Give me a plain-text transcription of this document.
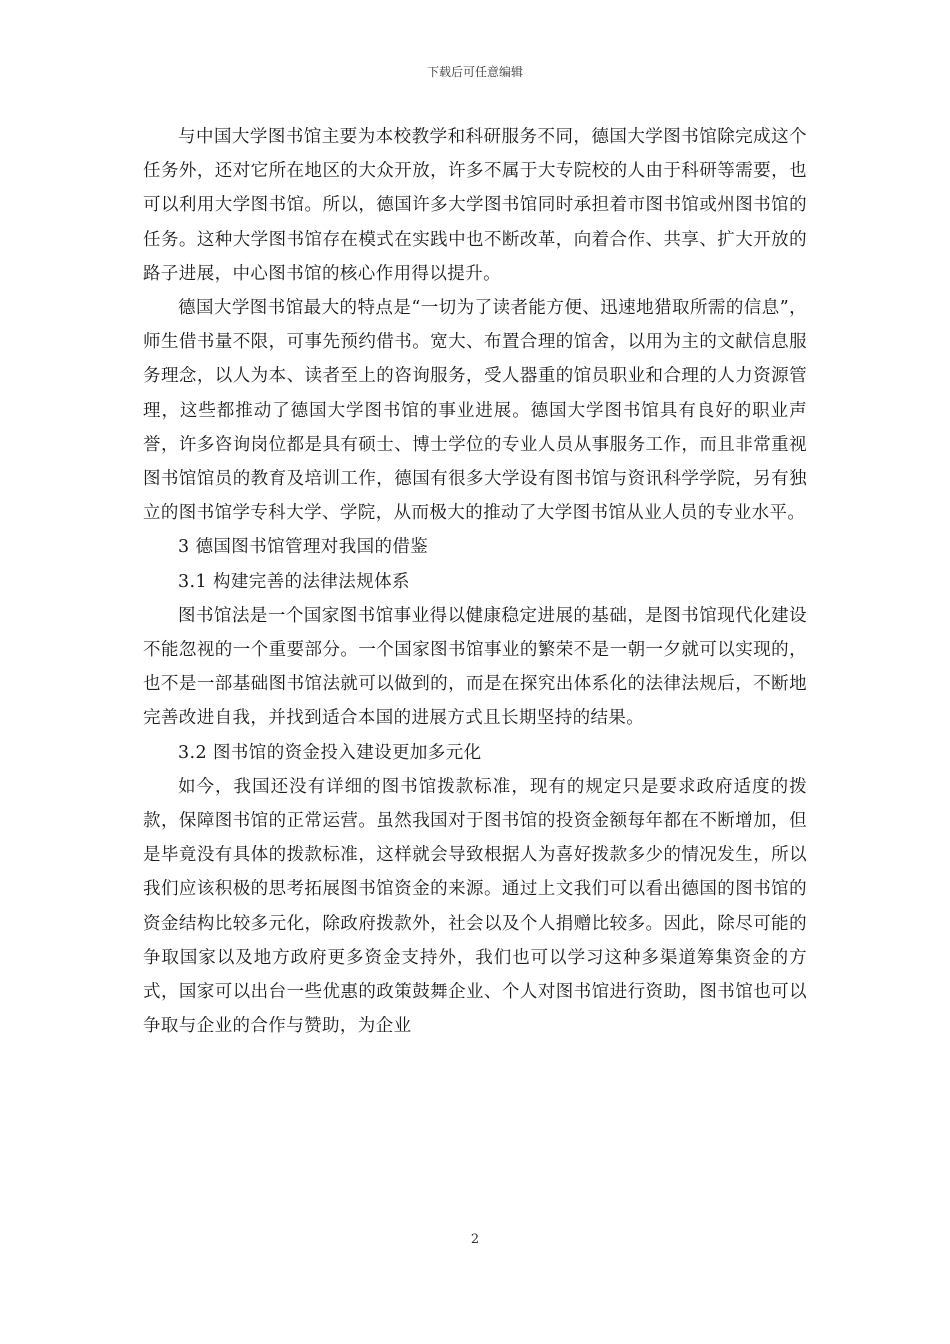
下载后可任意编辑

与中国大学图书馆主要为本校教学和科研服务不同，德国大学图书馆除完成这个任务外，还对它所在地区的大众开放，许多不属于大专院校的人由于科研等需要，也可以利用大学图书馆。所以，德国许多大学图书馆同时承担着市图书馆或州图书馆的任务。这种大学图书馆存在模式在实践中也不断改革，向着合作、共享、扩大开放的路子进展，中心图书馆的核心作用得以提升。

德国大学图书馆最大的特点是“一切为了读者能方便、迅速地猎取所需的信息”，师生借书量不限，可事先预约借书。宽大、布置合理的馆舍，以用为主的文献信息服务理念，以人为本、读者至上的咨询服务，受人器重的馆员职业和合理的人力资源管理，这些都推动了德国大学图书馆的事业进展。德国大学图书馆具有良好的职业声誉，许多咨询岗位都是具有硕士、博士学位的专业人员从事服务工作，而且非常重视图书馆馆员的教育及培训工作，德国有很多大学设有图书馆与资讯科学学院，另有独立的图书馆学专科大学、学院，从而极大的推动了大学图书馆从业人员的专业水平。

3 德国图书馆管理对我国的借鉴

3.1 构建完善的法律法规体系

图书馆法是一个国家图书馆事业得以健康稳定进展的基础，是图书馆现代化建设不能忽视的一个重要部分。一个国家图书馆事业的繁荣不是一朝一夕就可以实现的，也不是一部基础图书馆法就可以做到的，而是在探究出体系化的法律法规后，不断地完善改进自我，并找到适合本国的进展方式且长期坚持的结果。

3.2 图书馆的资金投入建设更加多元化

如今，我国还没有详细的图书馆拨款标准，现有的规定只是要求政府适度的拨款，保障图书馆的正常运营。虽然我国对于图书馆的投资金额每年都在不断增加，但是毕竟没有具体的拨款标准，这样就会导致根据人为喜好拨款多少的情况发生，所以我们应该积极的思考拓展图书馆资金的来源。通过上文我们可以看出德国的图书馆的资金结构比较多元化，除政府拨款外，社会以及个人捐赠比较多。因此，除尽可能的争取国家以及地方政府更多资金支持外，我们也可以学习这种多渠道筹集资金的方式，国家可以出台一些优惠的政策鼓舞企业、个人对图书馆进行资助，图书馆也可以争取与企业的合作与赞助，为企业

2
